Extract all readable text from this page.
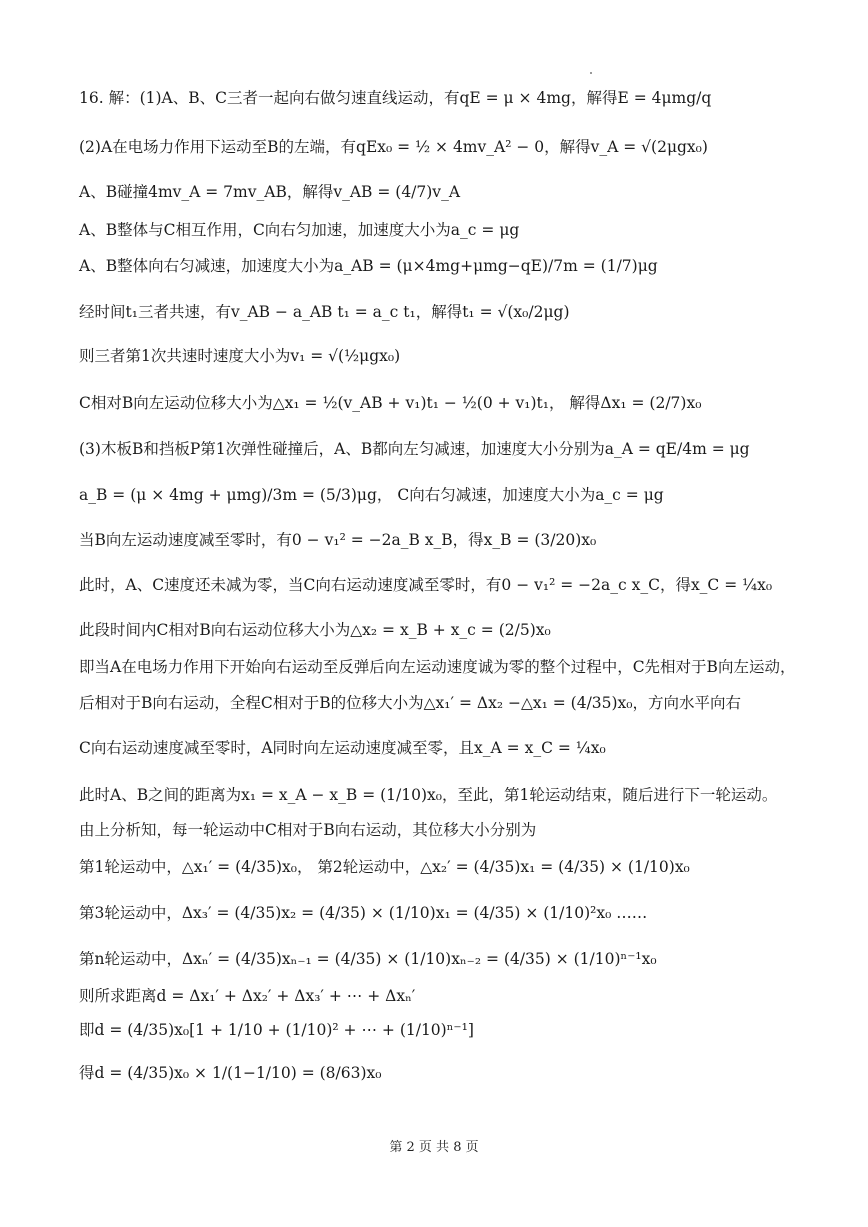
16. 解：(1)A、B、C三者一起向右做匀速直线运动，有qE = μ × 4mg，解得E = 4μmg/q
(2)A在电场力作用下运动至B的左端，有qEx₀ = ½ × 4mv_A² − 0，解得v_A = √(2μgx₀)
A、B碰撞4mv_A = 7mv_AB，解得v_AB = (4/7)v_A
A、B整体与C相互作用，C向右匀加速，加速度大小为a_c = μg
A、B整体向右匀减速，加速度大小为a_AB = (μ×4mg+μmg−qE)/7m = (1/7)μg
经时间t₁三者共速，有v_AB − a_AB t₁ = a_c t₁，解得t₁ = √(x₀/2μg)
则三者第1次共速时速度大小为v₁ = √(½μgx₀)
C相对B向左运动位移大小为△x₁ = ½(v_AB + v₁)t₁ − ½(0 + v₁)t₁， 解得Δx₁ = (2/7)x₀
(3)木板B和挡板P第1次弹性碰撞后，A、B都向左匀减速，加速度大小分别为a_A = qE/4m = μg
a_B = (μ × 4mg + μmg)/3m = (5/3)μg， C向右匀减速，加速度大小为a_c = μg
当B向左运动速度减至零时，有0 − v₁² = −2a_B x_B，得x_B = (3/20)x₀
此时，A、C速度还未减为零，当C向右运动速度减至零时，有0 − v₁² = −2a_c x_C，得x_C = ¼x₀
此段时间内C相对B向右运动位移大小为△x₂ = x_B + x_c = (2/5)x₀
即当A在电场力作用下开始向右运动至反弹后向左运动速度诚为零的整个过程中，C先相对于B向左运动，
后相对于B向右运动，全程C相对于B的位移大小为△x₁′ = Δx₂ −△x₁ = (4/35)x₀，方向水平向右
C向右运动速度减至零时，A同时向左运动速度减至零，且x_A = x_C = ¼x₀
此时A、B之间的距离为x₁ = x_A − x_B = (1/10)x₀，至此，第1轮运动结束，随后进行下一轮运动。
由上分析知，每一轮运动中C相对于B向右运动，其位移大小分别为
第1轮运动中，△x₁′ = (4/35)x₀， 第2轮运动中，△x₂′ = (4/35)x₁ = (4/35) × (1/10)x₀
第3轮运动中，Δx₃′ = (4/35)x₂ = (4/35) × (1/10)x₁ = (4/35) × (1/10)²x₀ ……
第n轮运动中，Δxₙ′ = (4/35)xₙ₋₁ = (4/35) × (1/10)xₙ₋₂ = (4/35) × (1/10)ⁿ⁻¹x₀
则所求距离d = Δx₁′ + Δx₂′ + Δx₃′ + ⋯ + Δxₙ′
即d = (4/35)x₀[1 + 1/10 + (1/10)² + ⋯ + (1/10)ⁿ⁻¹]
得d = (4/35)x₀ × 1/(1−1/10) = (8/63)x₀
第 2 页 共 8 页
